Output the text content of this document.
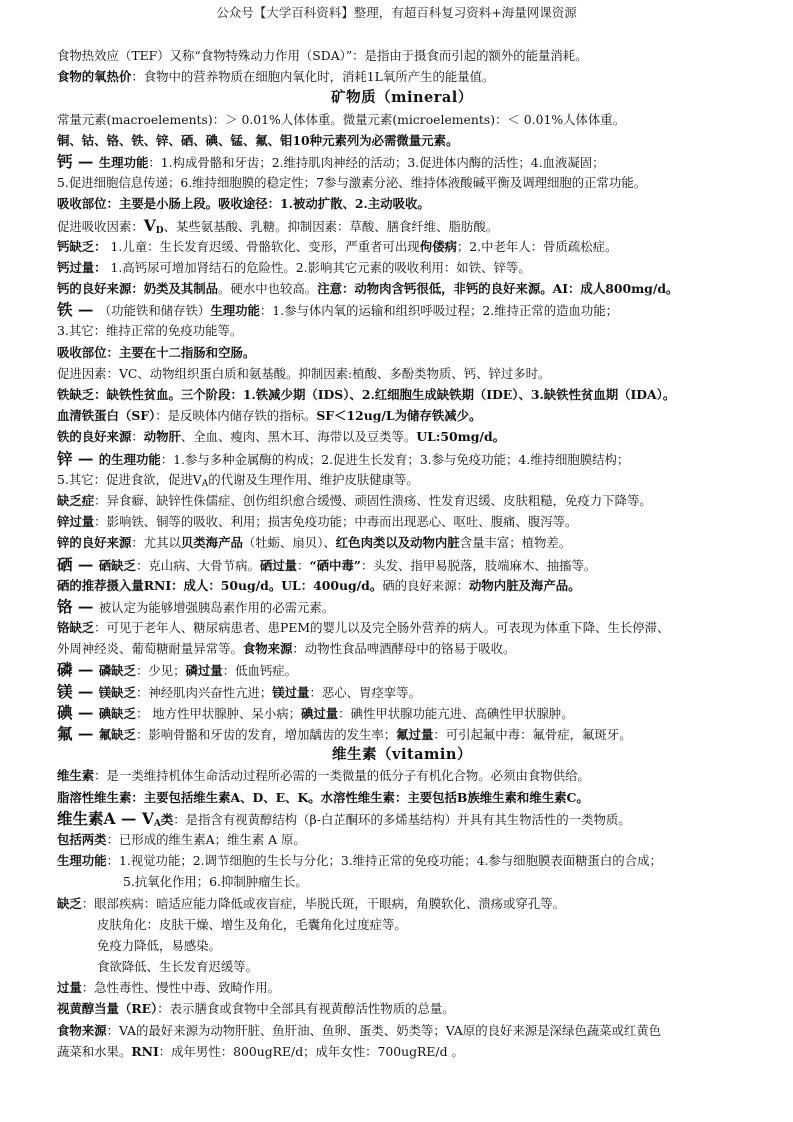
公众号【大学百科资料】整理，有超百科复习资料+海量网课资源
食物热效应（TEF）又称“食物特殊动力作用（SDA）”：是指由于摄食而引起的额外的能量消耗。
食物的氧热价：食物中的营养物质在细胞内氧化时，消耗1L氧所产生的能量值。
矿物质（mineral）
常量元素(macroelements)：＞ 0.01%人体体重。微量元素(microelements)：＜ 0.01%人体体重。
铜、钴、铬、铁、锌、硒、碘、锰、氟、钼10种元素列为必需微量元素。
钙 — 生理功能：1.构成骨骼和牙齿；2.维持肌肉神经的活动；3.促进体内酶的活性；4.血液凝固；
5.促进细胞信息传递；6.维持细胞膜的稳定性；7参与激素分泌、维持体液酸碱平衡及调理细胞的正常功能。
吸收部位：主要是小肠上段。吸收途径：1.被动扩散、2.主动吸收。
促进吸收因素：$V_D$、某些氨基酸、乳糖。抑制因素：草酸、膳食纤维、脂肪酸。
钙缺乏： 1.儿童：生长发育迟缓、骨骼软化、变形，严重者可出现佝偻病；2.中老年人：骨质疏松症。
钙过量： 1.高钙尿可增加肾结石的危险性。2.影响其它元素的吸收利用：如铁、锌等。
钙的良好来源：奶类及其制品。硬水中也较高。注意：动物肉含钙很低，非钙的良好来源。AI：成人800mg/d。
铁 — （功能铁和储存铁）生理功能：1.参与体内氧的运输和组织呼吸过程；2.维持正常的造血功能；
3.其它：维持正常的免疫功能等。
吸收部位：主要在十二指肠和空肠。
促进因素：VC、动物组织蛋白质和氨基酸。抑制因素:植酸、多酚类物质、钙、锌过多时。
铁缺乏：缺铁性贫血。三个阶段：1.铁减少期（IDS）、2.红细胞生成缺铁期（IDE）、3.缺铁性贫血期（IDA）。
血清铁蛋白（SF）：是反映体内储存铁的指标。SF＜12ug/L为储存铁减少。
铁的良好来源：动物肝、全血、瘦肉、黑木耳、海带以及豆类等。UL:50mg/d。
锌 — 的生理功能：1.参与多种金属酶的构成；2.促进生长发育；3.参与免疫功能；4.维持细胞膜结构；
5.其它：促进食欲，促进$V_A$的代谢及生理作用、维护皮肤健康等。
缺乏症：异食癖、缺锌性侏儒症、创伤组织愈合缓慢、顽固性溃疡、性发育迟缓、皮肤粗糙，免疫力下降等。
锌过量：影响铁、铜等的吸收、利用；损害免疫功能；中毒而出现恶心、呕吐、腹痛、腹泻等。
锌的良好来源：尤其以贝类海产品（牡蛎、扇贝）、红色肉类以及动物内脏含量丰富；植物差。
硒 — 硒缺乏：克山病、大骨节病。硒过量：“硒中毒”：头发、指甲易脱落，肢端麻木、抽搐等。
硒的推荐摄入量RNI：成人：50ug/d。UL：400ug/d。硒的良好来源：动物内脏及海产品。
铬 — 被认定为能够增强胰岛素作用的必需元素。
铬缺乏：可见于老年人、糖尿病患者、患PEM的婴儿以及完全肠外营养的病人。可表现为体重下降、生长停滞、
外周神经炎、葡萄糖耐量异常等。食物来源：动物性食品啤酒酵母中的铬易于吸收。
磷 — 磷缺乏：少见；磷过量：低血钙症。
镁 — 镁缺乏：神经肌肉兴奋性亢进；镁过量：恶心、胃痉挛等。
碘 — 碘缺乏： 地方性甲状腺肿、呆小病；碘过量：碘性甲状腺功能亢进、高碘性甲状腺肿。
氟 — 氟缺乏：影响骨骼和牙齿的发育，增加龋齿的发生率；氟过量：可引起氟中毒：氟骨症，氟斑牙。
维生素（vitamin）
维生素：是一类维持机体生命活动过程所必需的一类微量的低分子有机化合物。必须由食物供给。
脂溶性维生素：主要包括维生素A、D、E、K。水溶性维生素：主要包括B族维生素和维生素C。
维生素A — $V_A$类：是指含有视黄醇结构（β-白芷酮环的多烯基结构）并具有其生物活性的一类物质。
包括两类：已形成的维生素A；维生素 A 原。
生理功能：1.视觉功能；2.调节细胞的生长与分化；3.维持正常的免疫功能；4.参与细胞膜表面糖蛋白的合成；
5.抗氧化作用；6.抑制肿瘤生长。
缺乏：眼部疾病：暗适应能力降低或夜盲症，毕脱氏斑，干眼病，角膜软化、溃疡或穿孔等。
皮肤角化：皮肤干燥、增生及角化，毛囊角化过度症等。
免疫力降低，易感染。
食欲降低、生长发育迟缓等。
过量：急性毒性、慢性中毒、致畸作用。
视黄醇当量（RE）：表示膳食或食物中全部具有视黄醇活性物质的总量。
食物来源：VA的最好来源为动物肝脏、鱼肝油、鱼卵、蛋类、奶类等；VA原的良好来源是深绿色蔬菜或红黄色
蔬菜和水果。RNI：成年男性：800ugRE/d；成年女性：700ugRE/d 。
